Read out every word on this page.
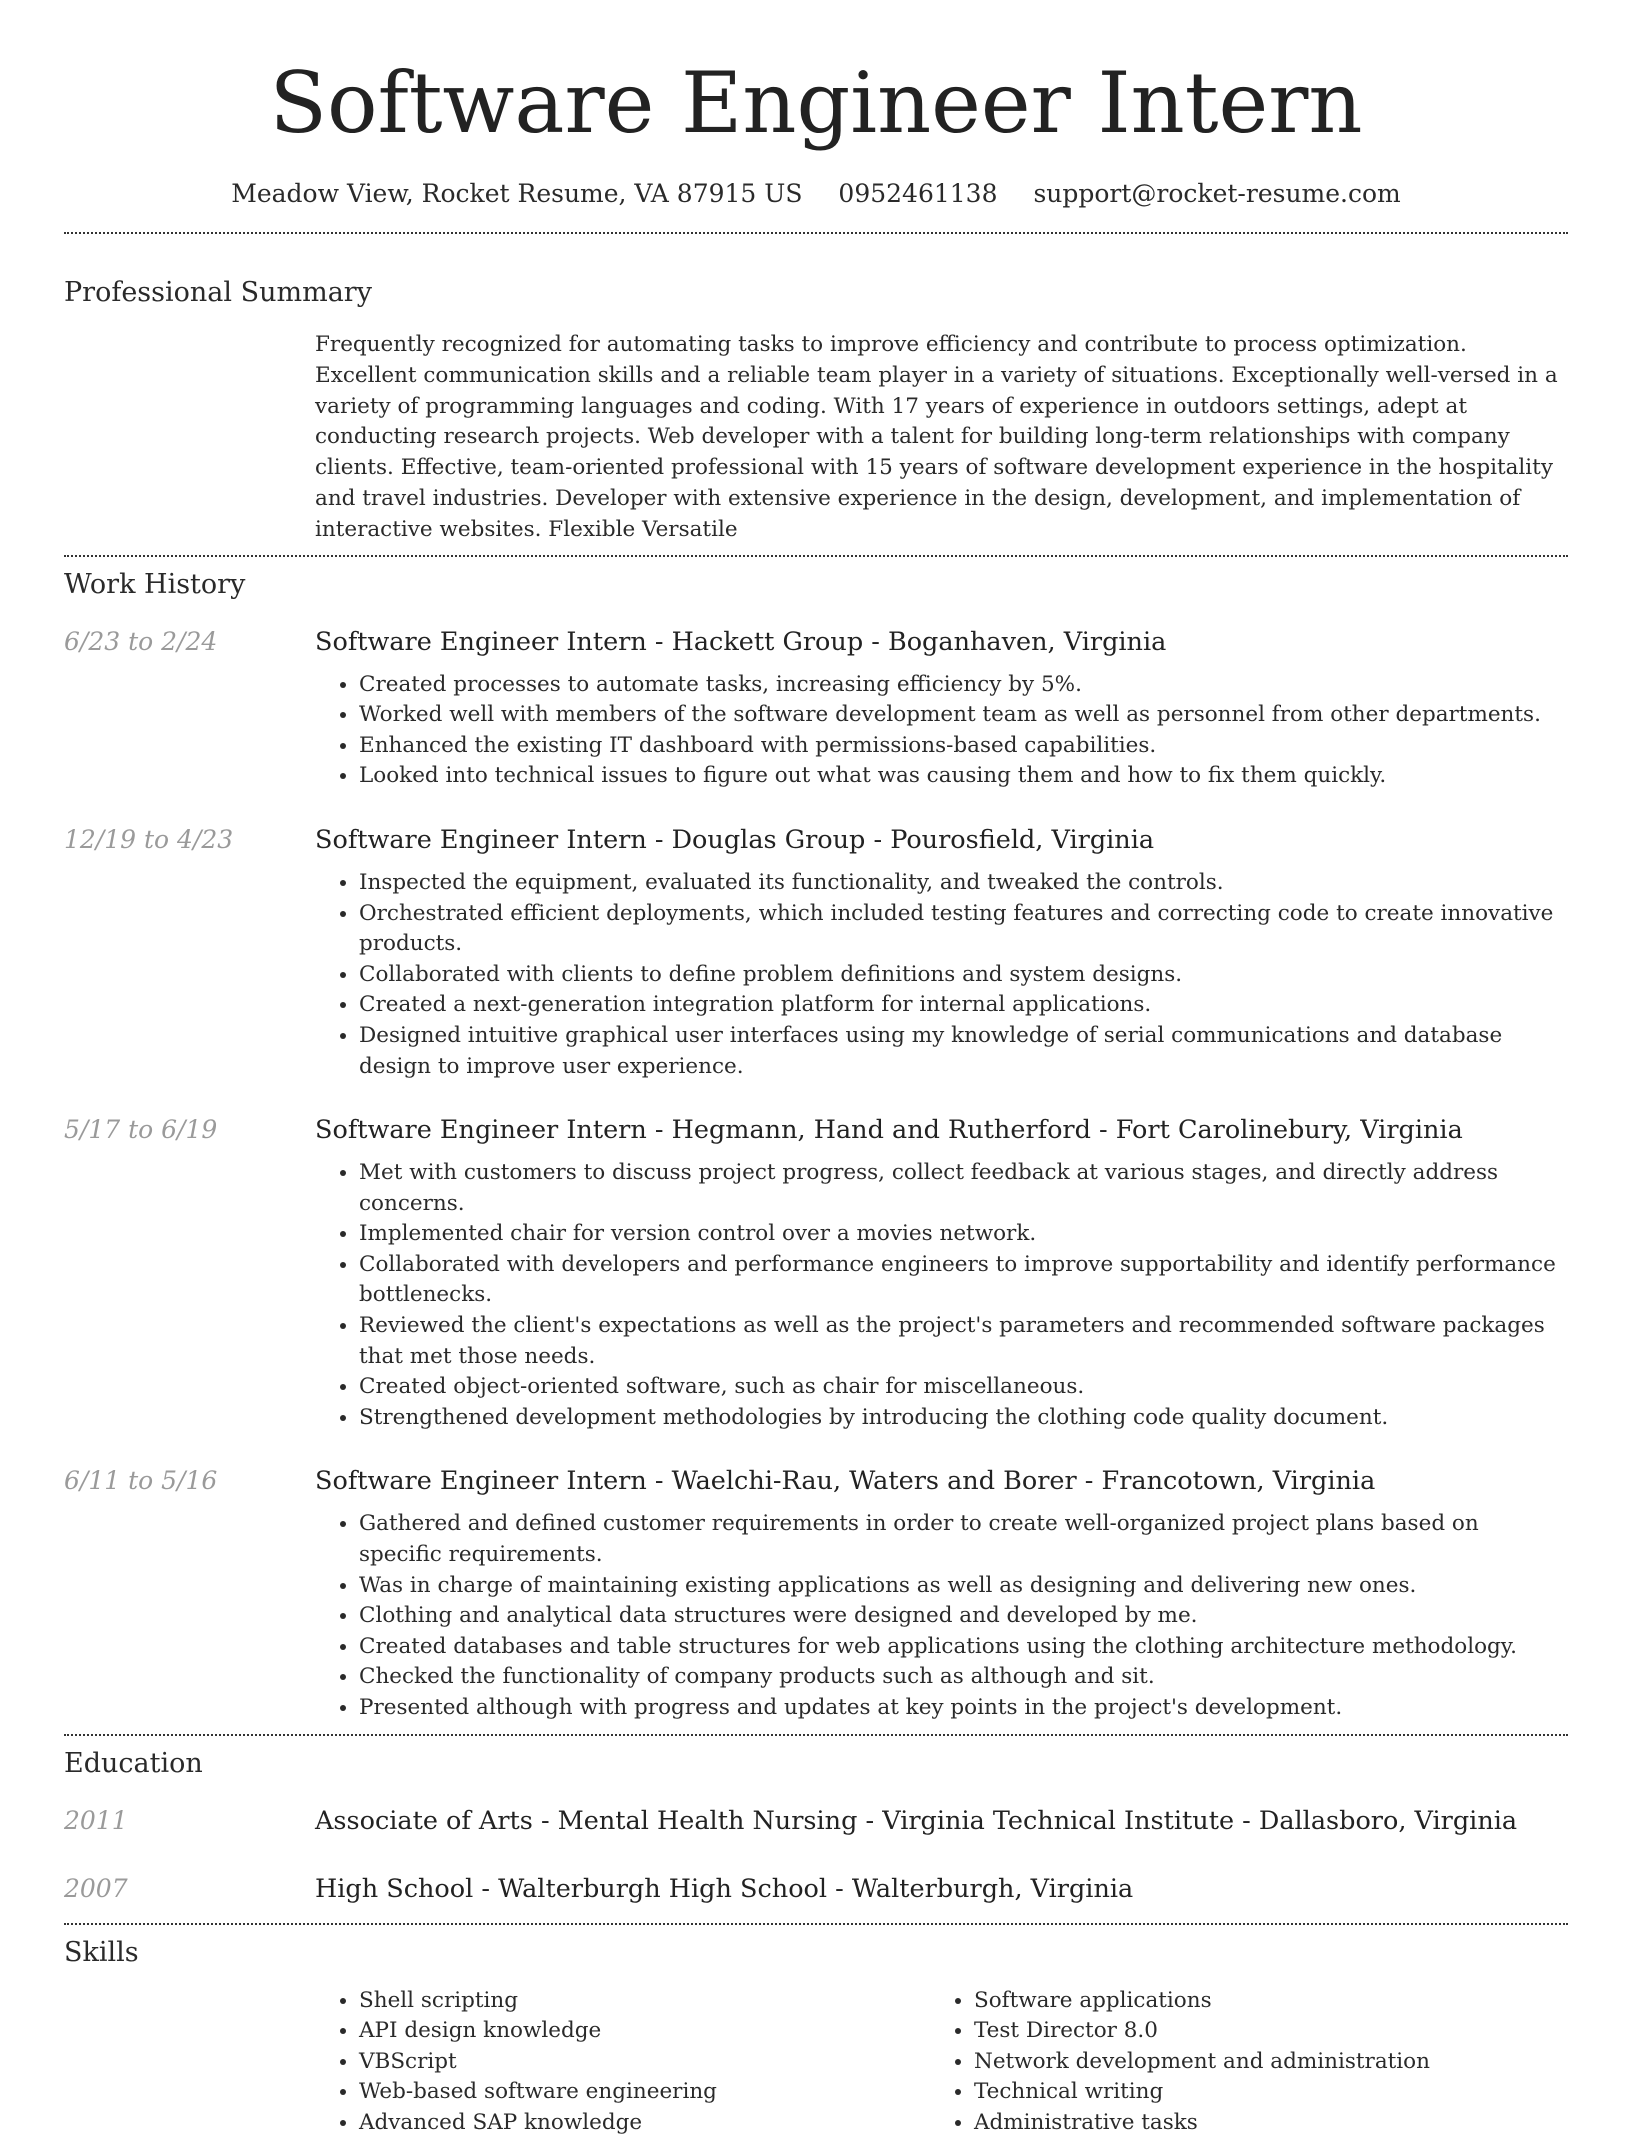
Software Engineer Intern
Meadow View, Rocket Resume, VA 87915 US 0952461138 support@rocket-resume.com
Professional Summary

Frequently recognized for automating tasks to improve efficiency and contribute to process optimization. Excellent communication skills and a reliable team player in a variety of situations. Exceptionally well-versed in a variety of programming languages and coding. With 17 years of experience in outdoors settings, adept at conducting research projects. Web developer with a talent for building long-term relationships with company clients. Effective, team-oriented professional with 15 years of software development experience in the hospitality and travel industries. Developer with extensive experience in the design, development, and implementation of interactive websites. Flexible Versatile

Work History
6/23 to 2/24	Software Engineer Intern - Hackett Group - Boganhaven, Virginia
• Created processes to automate tasks, increasing efficiency by 5%.
• Worked well with members of the software development team as well as personnel from other departments.
• Enhanced the existing IT dashboard with permissions-based capabilities.
• Looked into technical issues to figure out what was causing them and how to fix them quickly.
12/19 to 4/23	Software Engineer Intern - Douglas Group - Pourosfield, Virginia
• Inspected the equipment, evaluated its functionality, and tweaked the controls.
• Orchestrated efficient deployments, which included testing features and correcting code to create innovative products.
• Collaborated with clients to define problem definitions and system designs.
• Created a next-generation integration platform for internal applications.
• Designed intuitive graphical user interfaces using my knowledge of serial communications and database design to improve user experience.
5/17 to 6/19	Software Engineer Intern - Hegmann, Hand and Rutherford - Fort Carolinebury, Virginia
• Met with customers to discuss project progress, collect feedback at various stages, and directly address concerns.
• Implemented chair for version control over a movies network.
• Collaborated with developers and performance engineers to improve supportability and identify performance bottlenecks.
• Reviewed the client's expectations as well as the project's parameters and recommended software packages that met those needs.
• Created object-oriented software, such as chair for miscellaneous.
• Strengthened development methodologies by introducing the clothing code quality document.
6/11 to 5/16	Software Engineer Intern - Waelchi-Rau, Waters and Borer - Francotown, Virginia
• Gathered and defined customer requirements in order to create well-organized project plans based on specific requirements.
• Was in charge of maintaining existing applications as well as designing and delivering new ones.
• Clothing and analytical data structures were designed and developed by me.
• Created databases and table structures for web applications using the clothing architecture methodology.
• Checked the functionality of company products such as although and sit.
• Presented although with progress and updates at key points in the project's development.
Education
2011	Associate of Arts - Mental Health Nursing - Virginia Technical Institute - Dallasboro, Virginia
2007	High School - Walterburgh High School - Walterburgh, Virginia
Skills
• Shell scripting
• API design knowledge
• VBScript
• Web-based software engineering
• Advanced SAP knowledge
• Software applications
• Test Director 8.0
• Network development and administration
• Technical writing
• Administrative tasks
